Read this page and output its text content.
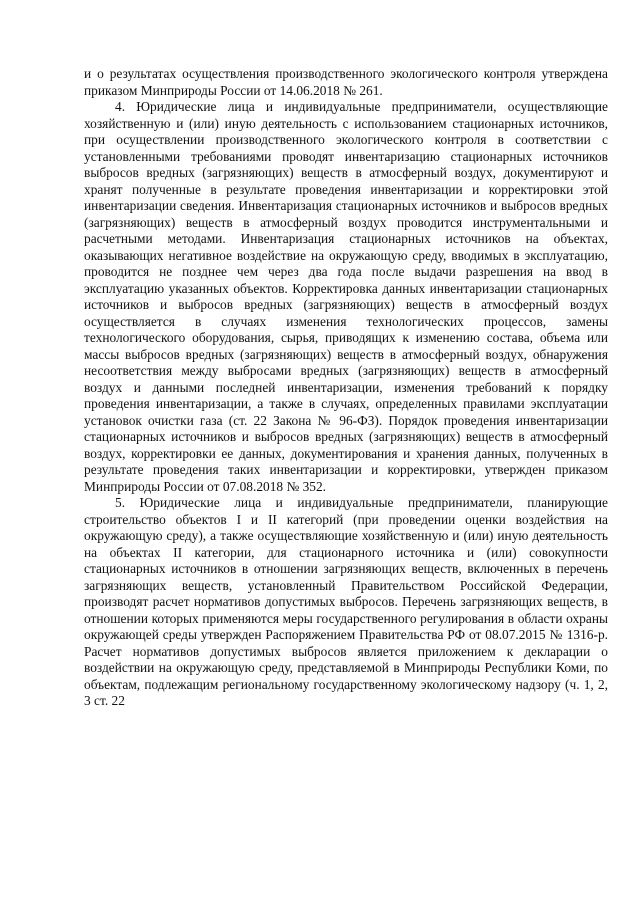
и о результатах осуществления производственного экологического контроля утверждена приказом Минприроды России от 14.06.2018 № 261.

4. Юридические лица и индивидуальные предприниматели, осуществляющие хозяйственную и (или) иную деятельность с использованием стационарных источников, при осуществлении производственного экологического контроля в соответствии с установленными требованиями проводят инвентаризацию стационарных источников выбросов вредных (загрязняющих) веществ в атмосферный воздух, документируют и хранят полученные в результате проведения инвентаризации и корректировки этой инвентаризации сведения. Инвентаризация стационарных источников и выбросов вредных (загрязняющих) веществ в атмосферный воздух проводится инструментальными и расчетными методами. Инвентаризация стационарных источников на объектах, оказывающих негативное воздействие на окружающую среду, вводимых в эксплуатацию, проводится не позднее чем через два года после выдачи разрешения на ввод в эксплуатацию указанных объектов. Корректировка данных инвентаризации стационарных источников и выбросов вредных (загрязняющих) веществ в атмосферный воздух осуществляется в случаях изменения технологических процессов, замены технологического оборудования, сырья, приводящих к изменению состава, объема или массы выбросов вредных (загрязняющих) веществ в атмосферный воздух, обнаружения несоответствия между выбросами вредных (загрязняющих) веществ в атмосферный воздух и данными последней инвентаризации, изменения требований к порядку проведения инвентаризации, а также в случаях, определенных правилами эксплуатации установок очистки газа (ст. 22 Закона № 96-ФЗ). Порядок проведения инвентаризации стационарных источников и выбросов вредных (загрязняющих) веществ в атмосферный воздух, корректировки ее данных, документирования и хранения данных, полученных в результате проведения таких инвентаризации и корректировки, утвержден приказом Минприроды России от 07.08.2018 № 352.

5. Юридические лица и индивидуальные предприниматели, планирующие строительство объектов I и II категорий (при проведении оценки воздействия на окружающую среду), а также осуществляющие хозяйственную и (или) иную деятельность на объектах II категории, для стационарного источника и (или) совокупности стационарных источников в отношении загрязняющих веществ, включенных в перечень загрязняющих веществ, установленный Правительством Российской Федерации, производят расчет нормативов допустимых выбросов. Перечень загрязняющих веществ, в отношении которых применяются меры государственного регулирования в области охраны окружающей среды утвержден Распоряжением Правительства РФ от 08.07.2015 № 1316-р. Расчет нормативов допустимых выбросов является приложением к декларации о воздействии на окружающую среду, представляемой в Минприроды Республики Коми, по объектам, подлежащим региональному государственному экологическому надзору (ч. 1, 2, 3 ст. 22
